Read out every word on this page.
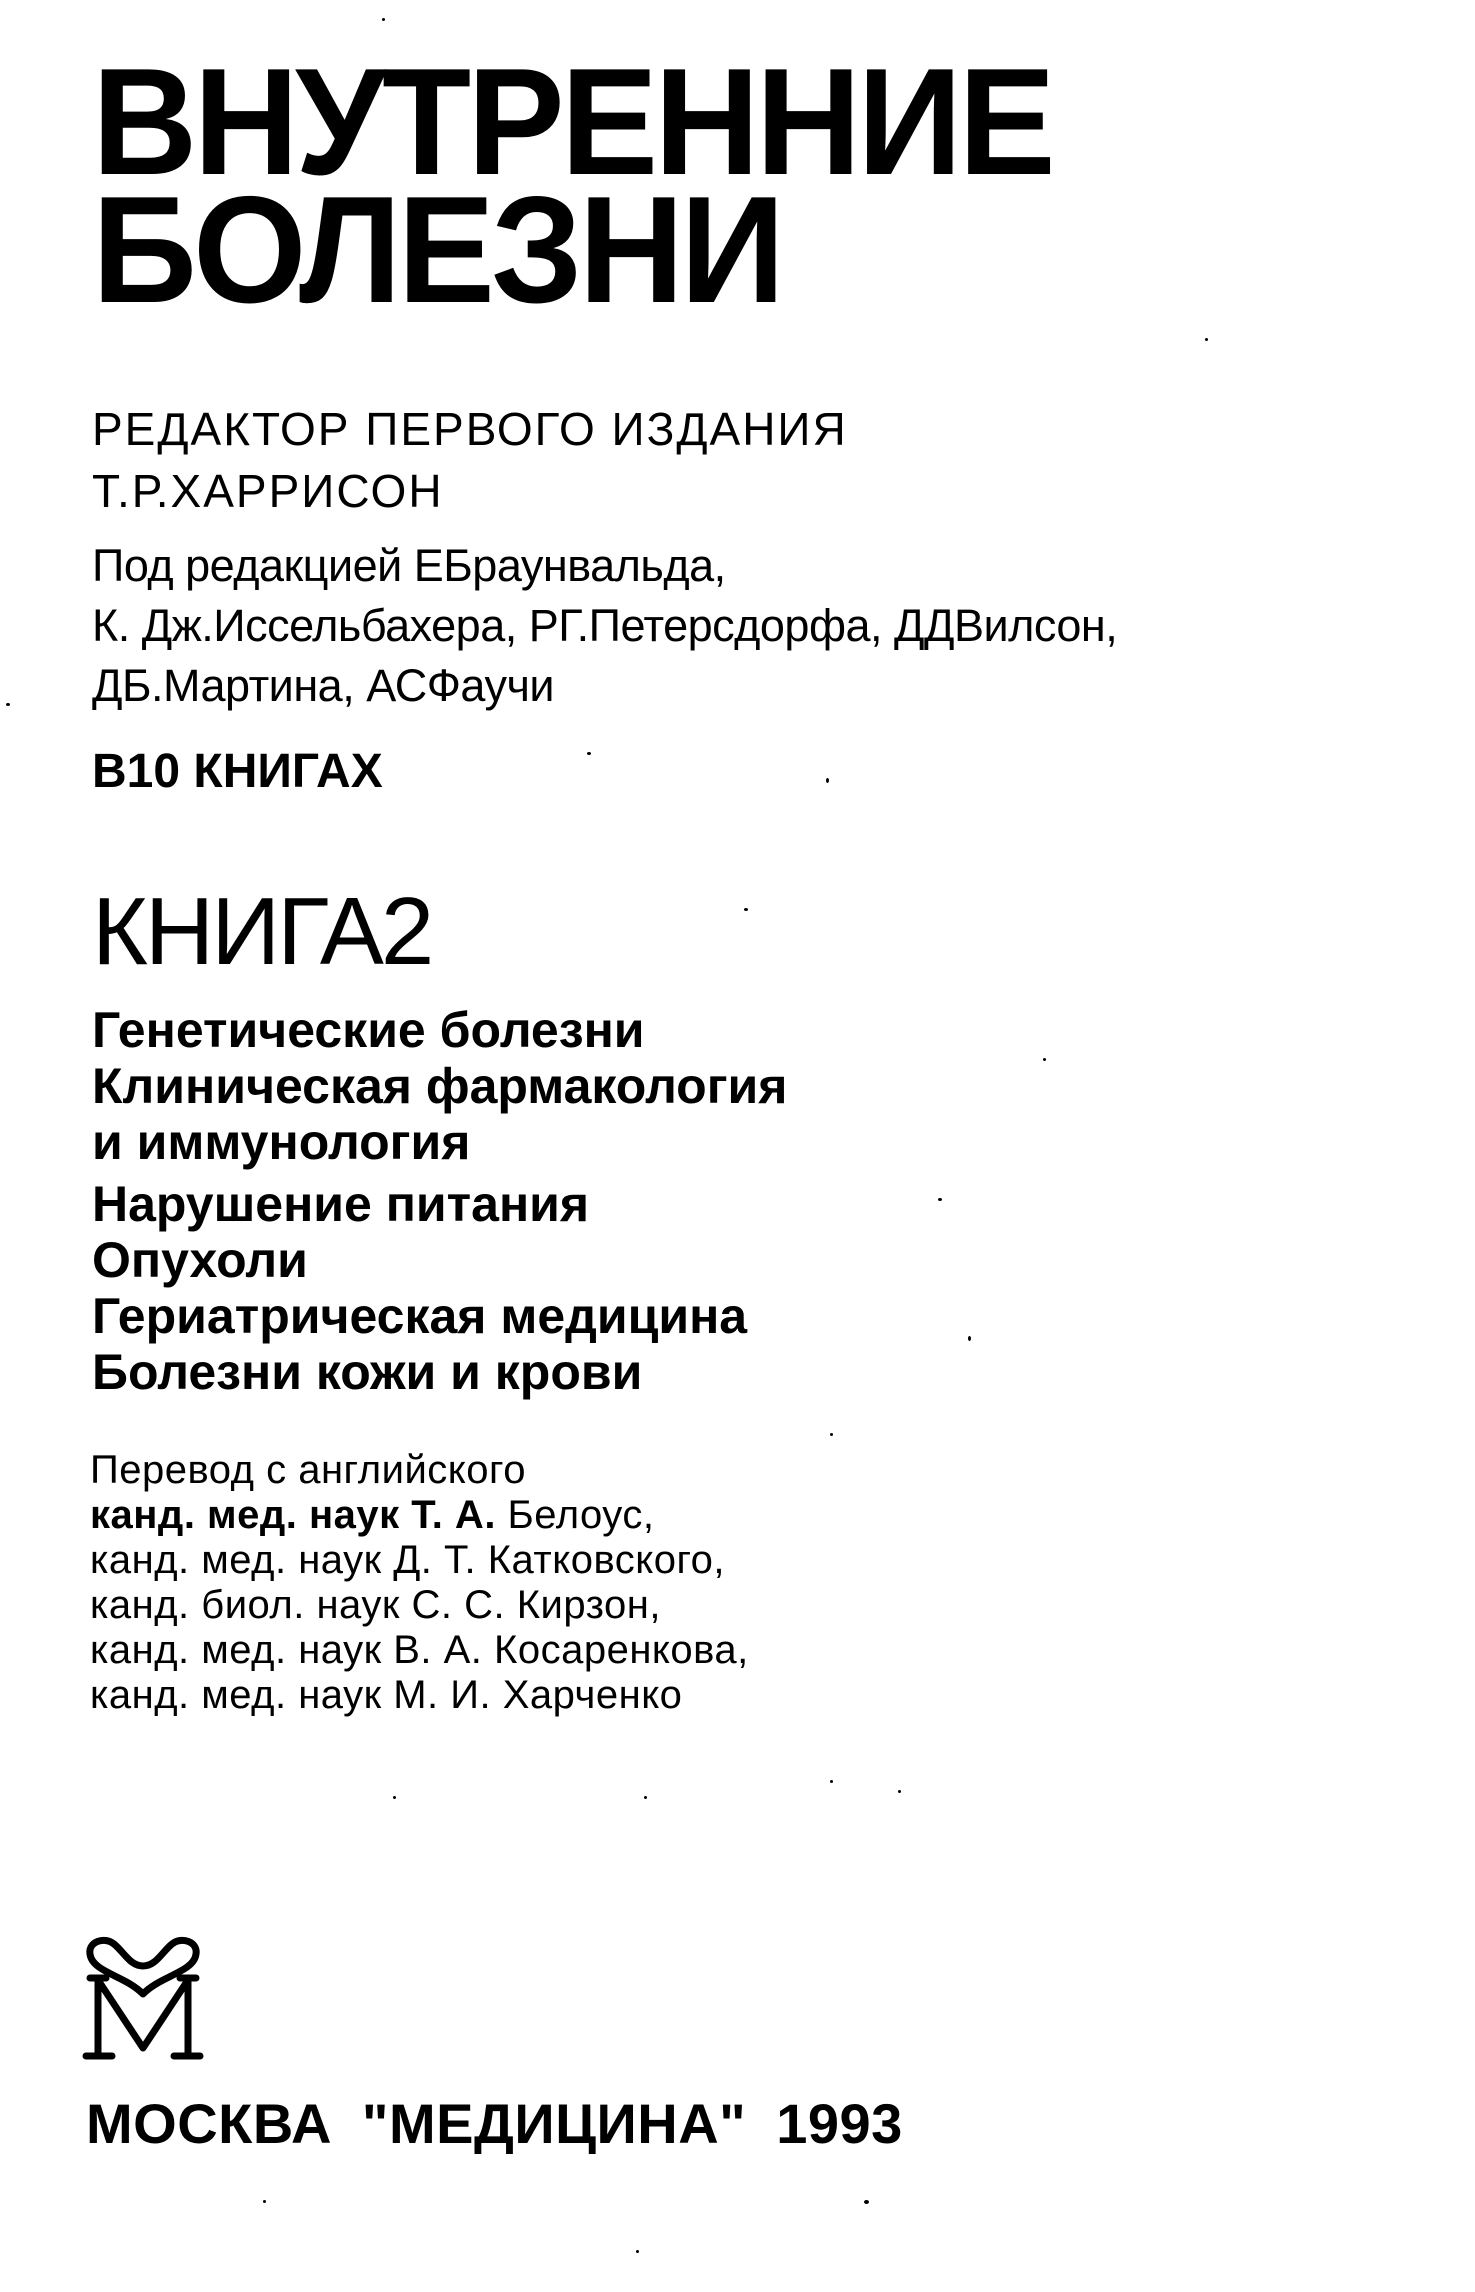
ВНУТРЕННИЕ
БОЛЕЗНИ
РЕДАКТОР ПЕРВОГО ИЗДАНИЯ
Т.Р.ХАРРИСОН
Под редакцией ЕБраунвальда,
К. Дж.Иссельбахера, РГ.Петерсдорфа, ДДВилсон,
ДБ.Мартина, АСФаучи
В10 КНИГАХ
КНИГА2
Генетические болезни
Клиническая фармакология
и иммунология
Нарушение питания
Опухоли
Гериатрическая медицина
Болезни кожи и крови
Перевод с английского
канд. мед. наук Т. А. Белоус,
канд. мед. наук Д. Т. Катковского,
канд. биол. наук С. С. Кирзон,
канд. мед. наук В. А. Косаренкова,
канд. мед. наук М. И. Харченко
МОСКВА "МЕДИЦИНА" 1993
